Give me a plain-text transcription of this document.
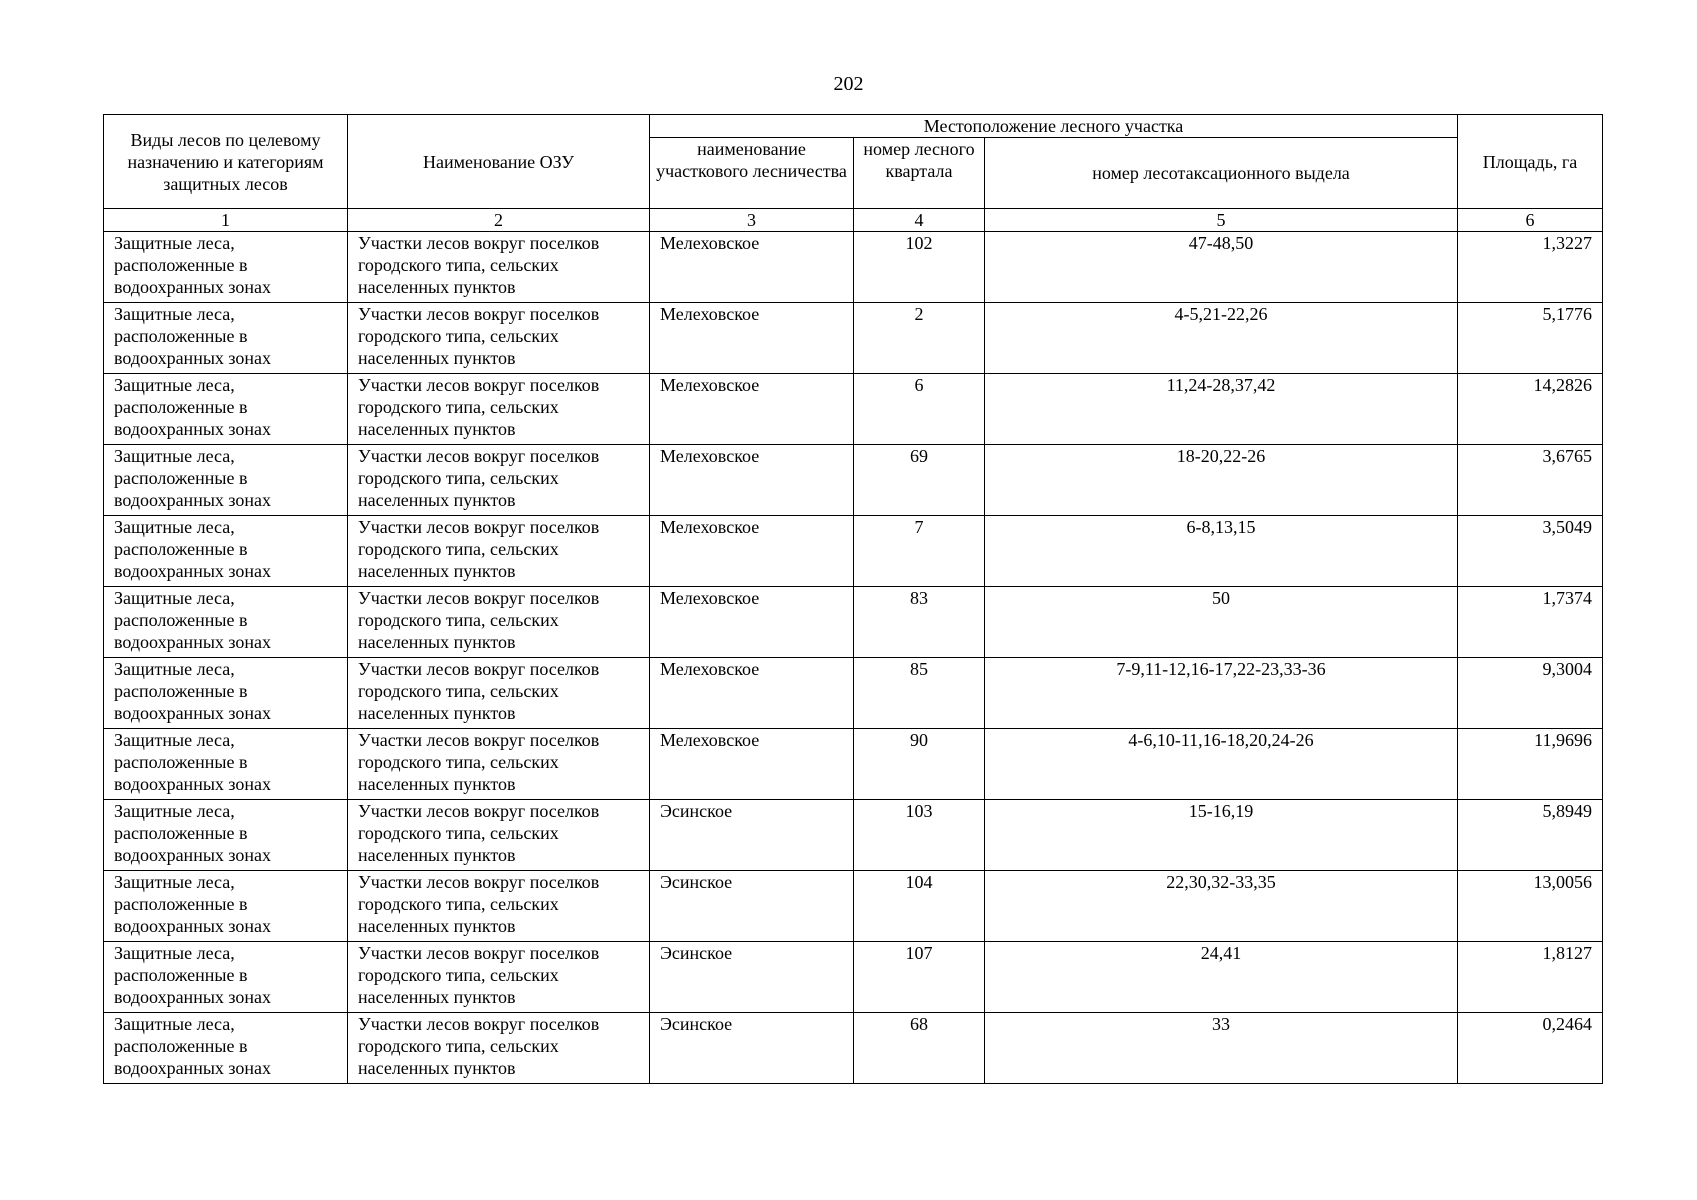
202
Виды лесов по целевому назначению и категориям защитных лесов	Наименование ОЗУ	Местоположение лесного участка			Площадь, га
		наименование участкового лесничества	номер лесного квартала	номер лесотаксационного выдела	
1	2	3	4	5	6
Защитные леса, расположенные в водоохранных зонах	Участки лесов вокруг поселков городского типа, сельских населенных пунктов	Мелеховское	102	47-48,50	1,3227
Защитные леса, расположенные в водоохранных зонах	Участки лесов вокруг поселков городского типа, сельских населенных пунктов	Мелеховское	2	4-5,21-22,26	5,1776
Защитные леса, расположенные в водоохранных зонах	Участки лесов вокруг поселков городского типа, сельских населенных пунктов	Мелеховское	6	11,24-28,37,42	14,2826
Защитные леса, расположенные в водоохранных зонах	Участки лесов вокруг поселков городского типа, сельских населенных пунктов	Мелеховское	69	18-20,22-26	3,6765
Защитные леса, расположенные в водоохранных зонах	Участки лесов вокруг поселков городского типа, сельских населенных пунктов	Мелеховское	7	6-8,13,15	3,5049
Защитные леса, расположенные в водоохранных зонах	Участки лесов вокруг поселков городского типа, сельских населенных пунктов	Мелеховское	83	50	1,7374
Защитные леса, расположенные в водоохранных зонах	Участки лесов вокруг поселков городского типа, сельских населенных пунктов	Мелеховское	85	7-9,11-12,16-17,22-23,33-36	9,3004
Защитные леса, расположенные в водоохранных зонах	Участки лесов вокруг поселков городского типа, сельских населенных пунктов	Мелеховское	90	4-6,10-11,16-18,20,24-26	11,9696
Защитные леса, расположенные в водоохранных зонах	Участки лесов вокруг поселков городского типа, сельских населенных пунктов	Эсинское	103	15-16,19	5,8949
Защитные леса, расположенные в водоохранных зонах	Участки лесов вокруг поселков городского типа, сельских населенных пунктов	Эсинское	104	22,30,32-33,35	13,0056
Защитные леса, расположенные в водоохранных зонах	Участки лесов вокруг поселков городского типа, сельских населенных пунктов	Эсинское	107	24,41	1,8127
Защитные леса, расположенные в водоохранных зонах	Участки лесов вокруг поселков городского типа, сельских населенных пунктов	Эсинское	68	33	0,2464
